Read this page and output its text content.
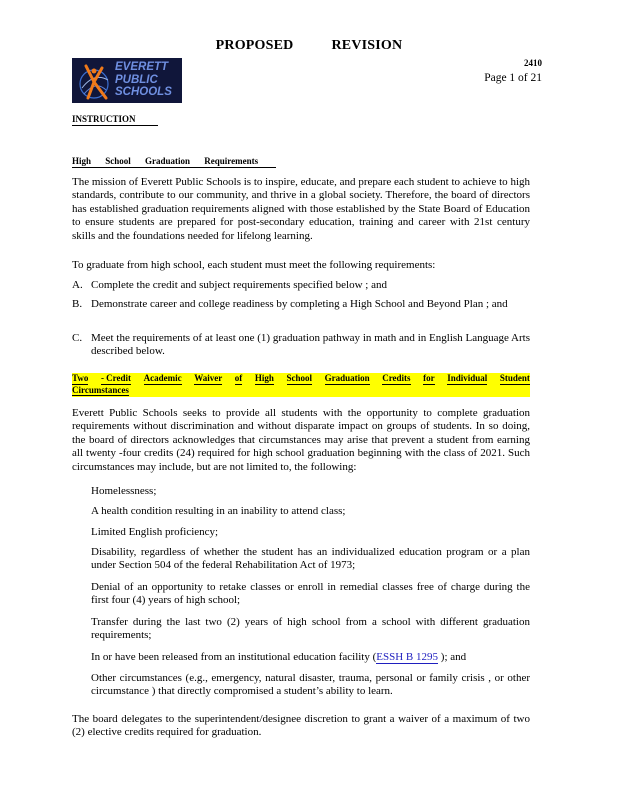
PROPOSED	REVISION
EVERETT
PUBLIC
SCHOOLS
2410
Page 1 of 21
INSTRUCTION
High School Graduation Requirements

The mission of Everett Public Schools is to inspire, educate, and prepare each student to achieve to high standards, contribute to our community, and thrive in a global society. Therefore, the board of directors has established graduation requirements aligned with those established by the State Board of Education to ensure students are prepared for post-secondary education, training and career with 21st century skills and the foundations needed for lifelong learning.

To graduate from high school, each student must meet the following requirements:

A. Complete the credit and subject requirements specified below ; and
B. Demonstrate career and college readiness by completing a High School and Beyond Plan ; and
C. Meet the requirements of at least one (1) graduation pathway in math and in English Language Arts described below.
Two - Credit Academic Waiver of High School Graduation Credits for Individual Student
Circumstances

Everett Public Schools seeks to provide all students with the opportunity to complete graduation requirements without discrimination and without disparate impact on groups of students. In so doing, the board of directors acknowledges that circumstances may arise that prevent a student from earning all twenty -four credits (24) required for high school graduation beginning with the class of 2021. Such circumstances may include, but are not limited to, the following:

Homelessness;
A health condition resulting in an inability to attend class;
Limited English proficiency;
Disability, regardless of whether the student has an individualized education program or a plan under Section 504 of the federal Rehabilitation Act of 1973;
Denial of an opportunity to retake classes or enroll in remedial classes free of charge during the first four (4) years of high school;
Transfer during the last two (2) years of high school from a school with different graduation requirements;
In or have been released from an institutional education facility (ESSH B 1295 ); and
Other circumstances (e.g., emergency, natural disaster, trauma, personal or family crisis , or other circumstance ) that directly compromised a student’s ability to learn.

The board delegates to the superintendent/designee discretion to grant a waiver of a maximum of two (2) elective credits required for graduation.
